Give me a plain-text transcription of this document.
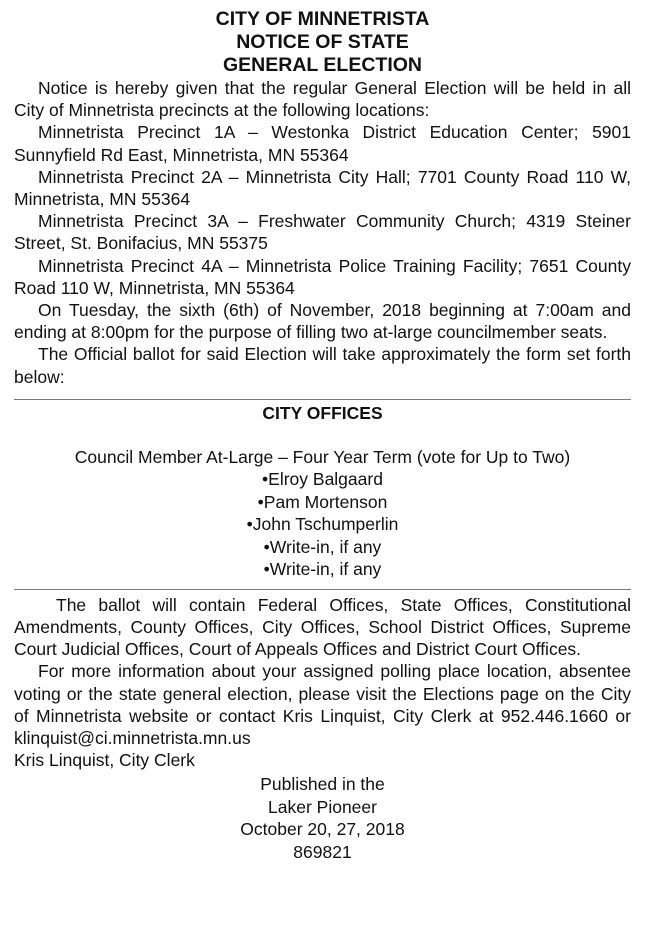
CITY OF MINNETRISTA
NOTICE OF STATE
GENERAL ELECTION

Notice is hereby given that the regular General Election will be held in all City of Minnetrista precincts at the following locations:

Minnetrista Precinct 1A – Westonka District Education Center; 5901 Sunnyfield Rd East, Minnetrista, MN 55364

Minnetrista Precinct 2A – Minnetrista City Hall; 7701 County Road 110 W, Minnetrista, MN 55364

Minnetrista Precinct 3A – Freshwater Community Church; 4319 Steiner Street, St. Bonifacius, MN 55375

Minnetrista Precinct 4A – Minnetrista Police Training Facility; 7651 County Road 110 W, Minnetrista, MN 55364

On Tuesday, the sixth (6th) of November, 2018 beginning at 7:00am and ending at 8:00pm for the purpose of filling two at-large councilmember seats.

The Official ballot for said Election will take approximately the form set forth below:

CITY OFFICES
Council Member At-Large – Four Year Term (vote for Up to Two)
•Elroy Balgaard
•Pam Mortenson
•John Tschumperlin
•Write-in, if any
•Write-in, if any

The ballot will contain Federal Offices, State Offices, Constitutional Amendments, County Offices, City Offices, School District Offices, Supreme Court Judicial Offices, Court of Appeals Offices and District Court Offices.

For more information about your assigned polling place location, absentee voting or the state general election, please visit the Elections page on the City of Minnetrista website or contact Kris Linquist, City Clerk at 952.446.1660 or klinquist@ci.minnetrista.mn.us

Kris Linquist, City Clerk

Published in the
Laker Pioneer
October 20, 27, 2018
869821
